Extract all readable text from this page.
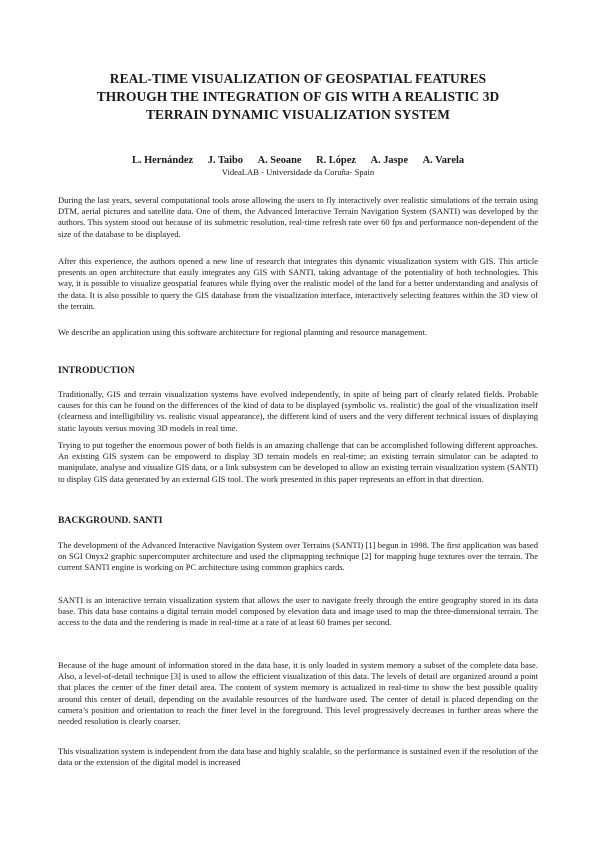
REAL-TIME VISUALIZATION OF GEOSPATIAL FEATURES
THROUGH THE INTEGRATION OF GIS WITH A REALISTIC 3D
TERRAIN DYNAMIC VISUALIZATION SYSTEM
L. Hernández J. Taibo A. Seoane R. López A. Jaspe A. Varela
VideaLAB - Universidade da Coruña- Spain

During the last years, several computational tools arose allowing the users to fly interactively over realistic simulations of the terrain using DTM, aerial pictures and satellite data. One of them, the Advanced Interactive Terrain Navigation System (SANTI) was developed by the authors. This system stood out because of its submetric resolution, real-time refresh rate over 60 fps and performance non-dependent of the size of the database to be displayed.

After this experience, the authors opened a new line of research that integrates this dynamic visualization system with GIS. This article presents an open architecture that easily integrates any GIS with SANTI, taking advantage of the potentiality of both technologies. This way, it is possible to visualize geospatial features while flying over the realistic model of the land for a better understanding and analysis of the data. It is also possible to query the GIS database from the visualization interface, interactively selecting features within the 3D view of the terrain.

We describe an application using this software architecture for regional planning and resource management.

INTRODUCTION

Traditionally, GIS and terrain visualization systems have evolved independently, in spite of being part of clearly related fields. Probable causes for this can be found on the differences of the kind of data to be displayed (symbolic vs. realistic) the goal of the visualization itself (clearness and intelligibility vs. realistic visual appearance), the different kind of users and the very different technical issues of displaying static layouts versus moving 3D models in real time.

Trying to put together the enormous power of both fields is an amazing challenge that can be accomplished following different approaches. An existing GIS system can be empowerd to display 3D terrain models en real-time; an existing terrain simulator can be adapted to manipulate, analyse and visualize GIS data, or a link subsystem can be developed to allow an existing terrain visualization system (SANTI) to display GIS data generated by an external GIS tool. The work presented in this paper represents an effort in that direction.

BACKGROUND. SANTI

The development of the Advanced Interactive Navigation System over Terrains (SANTI) [1] begun in 1998. The first application was based on SGI Onyx2 graphic supercomputer architecture and used the clipmapping technique [2] for mapping huge textures over the terrain. The current SANTI engine is working on PC architecture using common graphics cards.

SANTI is an interactive terrain visualization system that allows the user to navigate freely through the entire geography stored in its data base. This data base contains a digital terrain model composed by elevation data and image used to map the three-dimensional terrain. The access to the data and the rendering is made in real-time at a rate of at least 60 frames per second.

Because of the huge amount of information stored in the data base, it is only loaded in system memory a subset of the complete data base. Also, a level-of-detail technique [3] is used to allow the efficient visualization of this data. The levels of detail are organized around a point that places the center of the finer detail area. The content of system memory is actualized in real-time to show the best possible quality around this center of detail, depending on the available resources of the hardware used. The center of detail is placed depending on the camera’s position and orientation to reach the finer level in the foreground. This level progressively decreases in further areas where the needed resolution is clearly coarser.

This visualization system is independent from the data base and highly scalable, so the performance is sustained even if the resolution of the data or the extension of the digital model is increased
